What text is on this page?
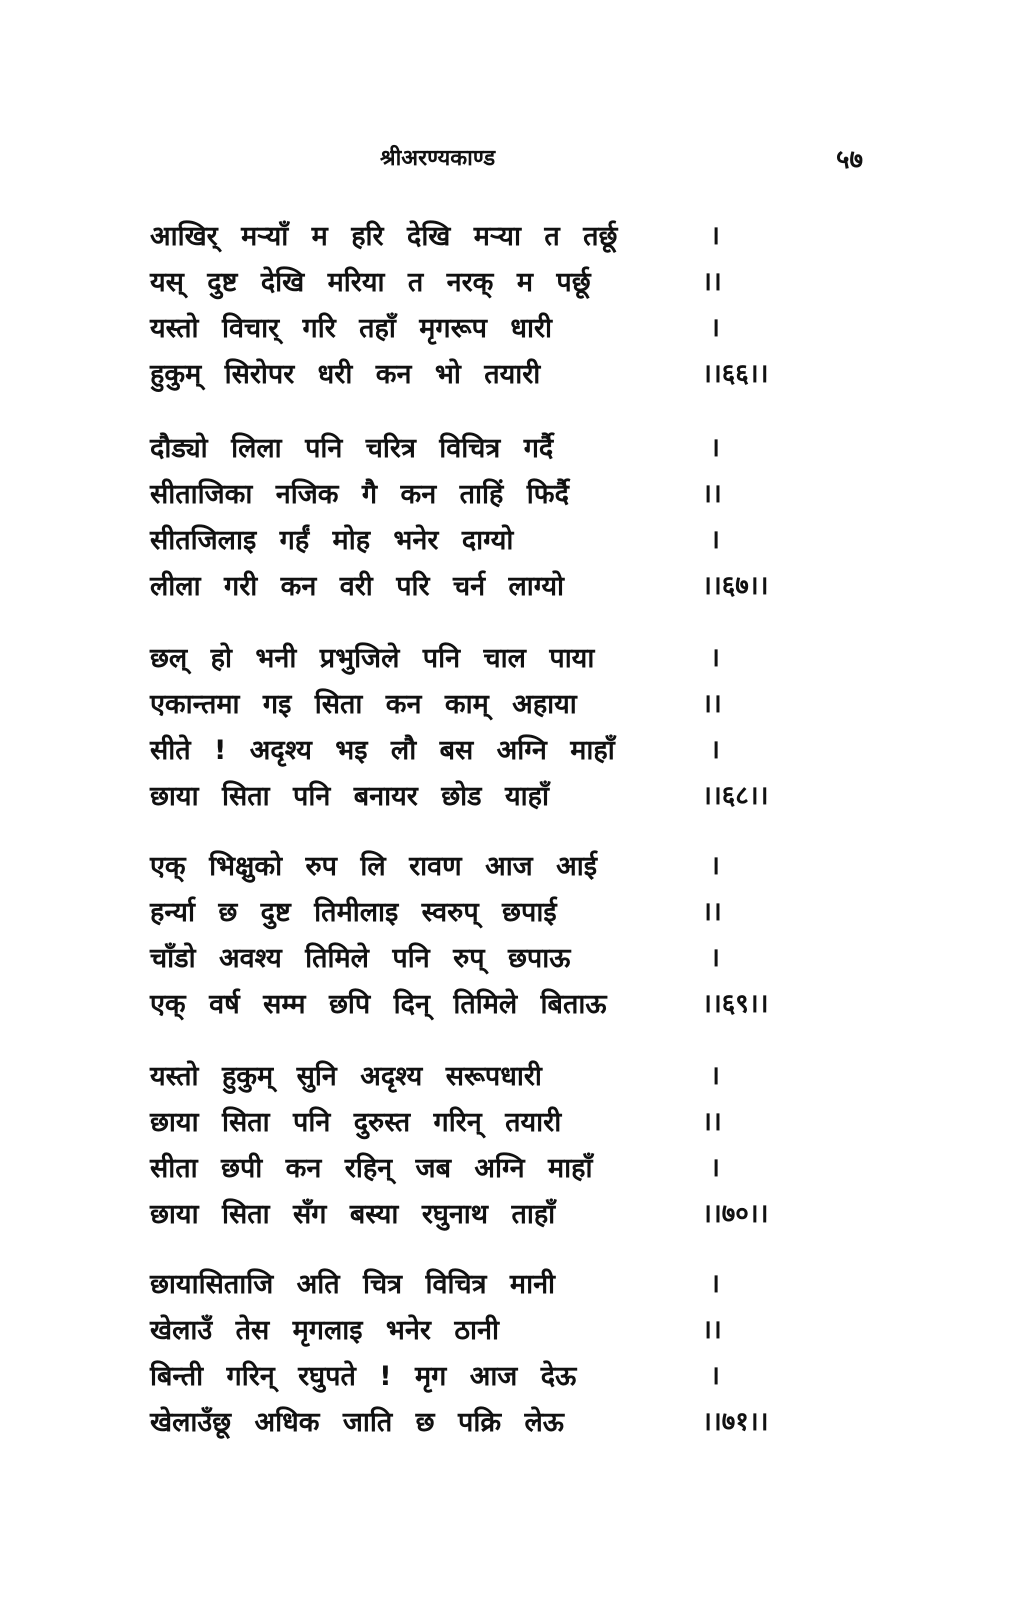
श्रीअरण्यकाण्ड	५७
आखिर् मर्‍याँ म हरि देखि मर्‍या त तर्छू	।
यस् दुष्ट देखि मरिया त नरक् म पर्छू	।।
यस्तो विचार् गरि तहाँ मृगरूप धारी	।
हुकुम् सिरोपर धरी कन भो तयारी	।।६६।।
दौड्यो लिला पनि चरित्र विचित्र गर्दै	।
सीताजिका नजिक गै कन ताहिं फिर्दै	।।
सीतजिलाइ गर्हं मोह भनेर दाग्यो	।
लीला गरी कन वरी परि चर्न लाग्यो	।।६७।।
छल् हो भनी प्रभुजिले पनि चाल पाया	।
एकान्तमा गइ सिता कन काम् अहाया	।।
सीते ! अदृश्य भइ लौ बस अग्नि माहाँ	।
छाया सिता पनि बनायर छोड याहाँ	।।६८।।
एक् भिक्षुको रुप लि रावण आज आई	।
हर्न्या छ दुष्ट तिमीलाइ स्वरुप् छपाई	।।
चाँडो अवश्य तिमिले पनि रुप् छपाऊ	।
एक् वर्ष सम्म छपि दिन् तिमिले बिताऊ	।।६९।।
यस्तो हुकुम् सुनि अदृश्य सरूपधारी	।
छाया सिता पनि दुरुस्त गरिन् तयारी	।।
सीता छपी कन रहिन् जब अग्नि माहाँ	।
छाया सिता सँग बस्या रघुनाथ ताहाँ	।।७०।।
छायासिताजि अति चित्र विचित्र मानी	।
खेलाउँ तेस मृगलाइ भनेर ठानी	।।
बिन्ती गरिन् रघुपते ! मृग आज देऊ	।
खेलाउँछू अधिक जाति छ पक्रि लेऊ	।।७१।।
